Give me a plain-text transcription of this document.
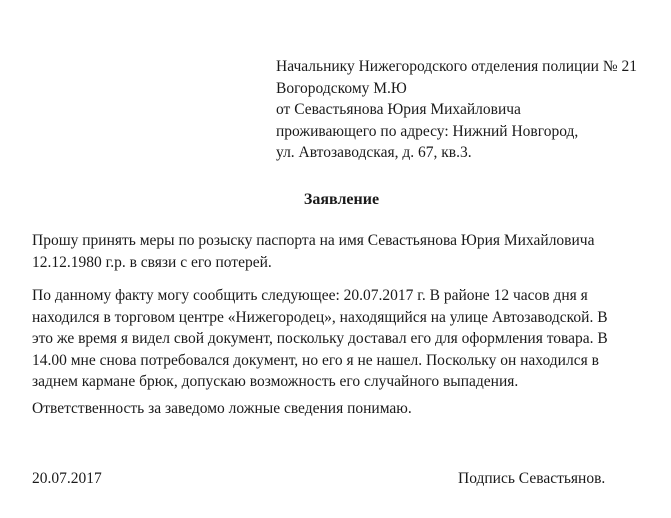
Начальнику Нижегородского отделения полиции № 21
Вогородскому М.Ю
от Севастьянова Юрия Михайловича
проживающего по адресу: Нижний Новгород,
ул. Автозаводская, д. 67, кв.3.
Заявление
Прошу принять меры по розыску паспорта на имя Севастьянова Юрия Михайловича
12.12.1980 г.р. в связи с его потерей.
По данному факту могу сообщить следующее: 20.07.2017 г. В районе 12 часов дня я
находился в торговом центре «Нижегородец», находящийся на улице Автозаводской. В
это же время я видел свой документ, поскольку доставал его для оформления товара. В
14.00 мне снова потребовался документ, но его я не нашел. Поскольку он находился в
заднем кармане брюк, допускаю возможность его случайного выпадения.
Ответственность за заведомо ложные сведения понимаю.
20.07.2017	Подпись Севастьянов.
